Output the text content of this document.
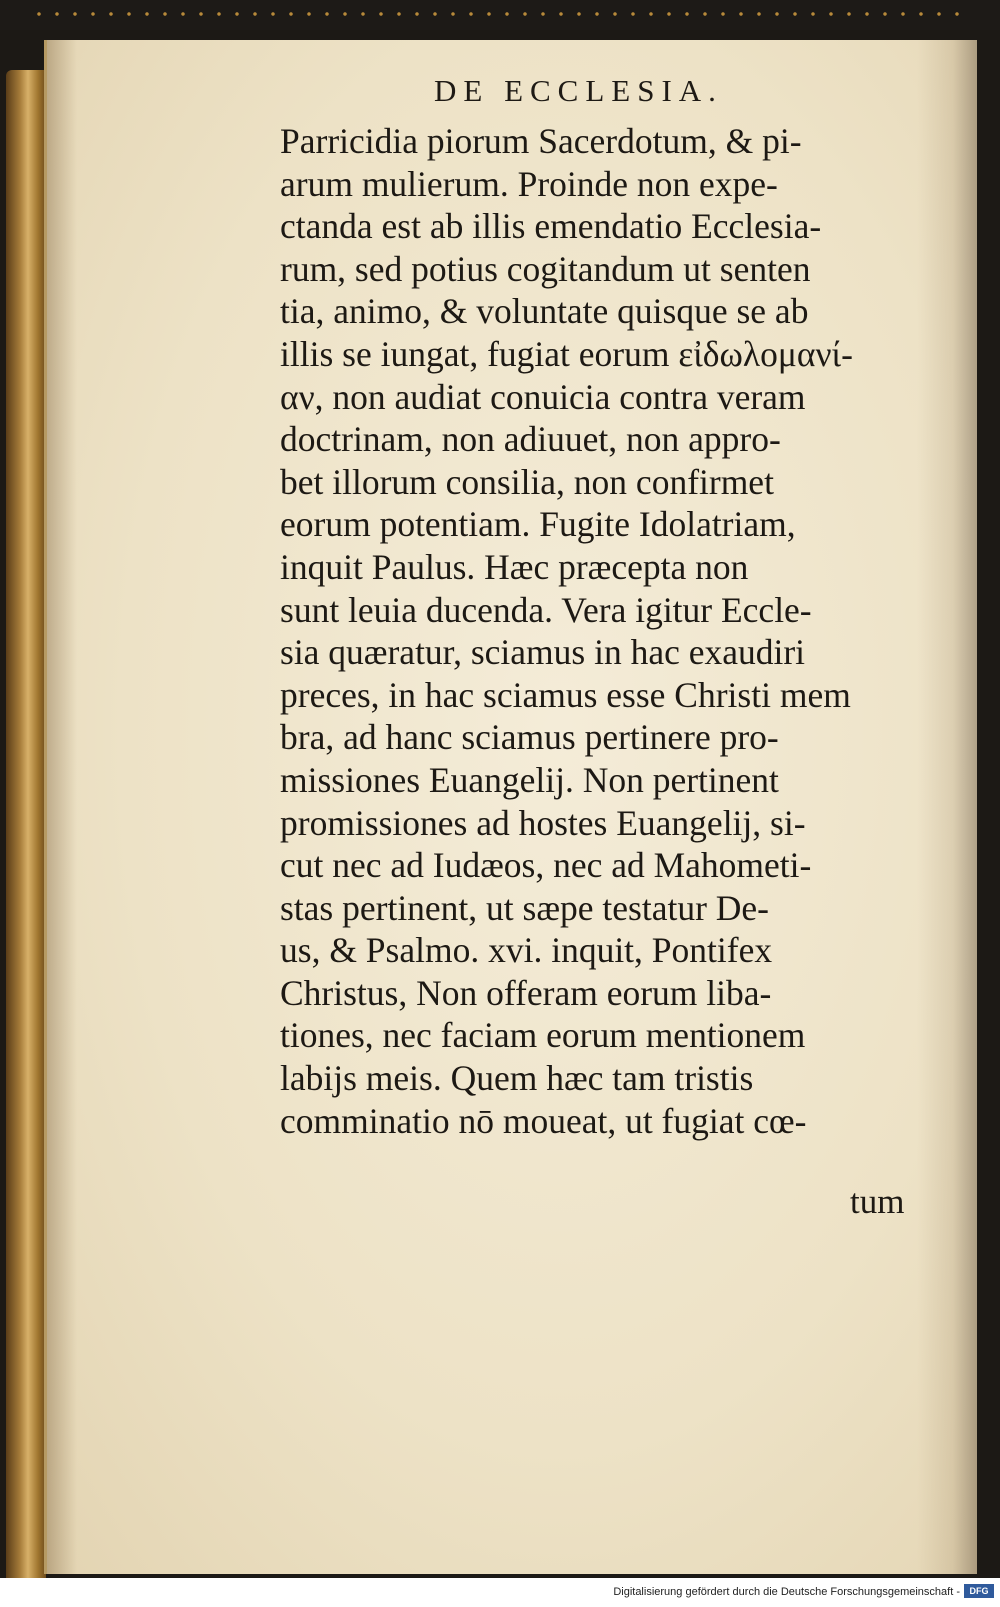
DE ECCLESIA.
Parricidia piorum Sacerdotum, & pi-
arum mulierum. Proinde non expe-
ctanda est ab illis emendatio Ecclesia-
rum, sed potius cogitandum ut senten
tia, animo, & voluntate quisque se ab
illis se iungat, fugiat eorum εἰδωλομανί-
αν, non audiat conuicia contra veram
doctrinam, non adiuuet, non appro-
bet illorum consilia, non confirmet
eorum potentiam. Fugite Idolatriam,
inquit Paulus. Hæc præcepta non
sunt leuia ducenda. Vera igitur Eccle-
sia quæratur, sciamus in hac exaudiri
preces, in hac sciamus esse Christi mem
bra, ad hanc sciamus pertinere pro-
missiones Euangelij. Non pertinent
promissiones ad hostes Euangelij, si-
cut nec ad Iudæos, nec ad Mahometi-
stas pertinent, ut sæpe testatur De-
us, & Psalmo. xvi. inquit, Pontifex
Christus, Non offeram eorum liba-
tiones, nec faciam eorum mentionem
labijs meis. Quem hæc tam tristis
comminatio nō moueat, ut fugiat cœ-
tum
Digitalisierung gefördert durch die Deutsche Forschungsgemeinschaft -	DFG
